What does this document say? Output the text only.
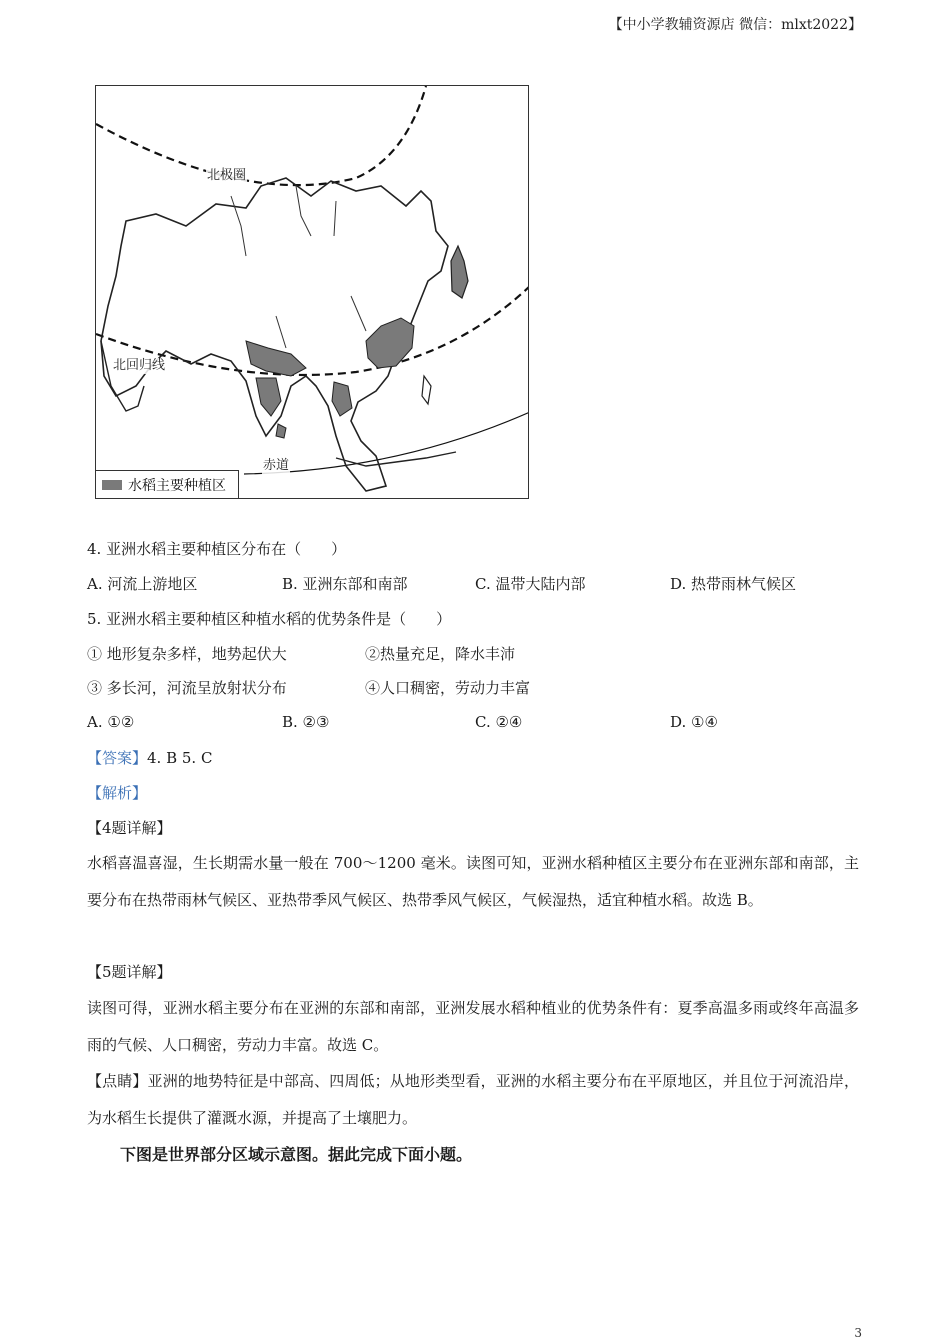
【中小学教辅资源店 微信：mlxt2022】
北极圈
北回归线
赤道
水稻主要种植区
4. 亚洲水稻主要种植区分布在（　　）
A. 河流上游地区	B. 亚洲东部和南部	C. 温带大陆内部	D. 热带雨林气候区
5. 亚洲水稻主要种植区种植水稻的优势条件是（　　）
① 地形复杂多样，地势起伏大	②热量充足，降水丰沛
③ 多长河，河流呈放射状分布	④人口稠密，劳动力丰富
A. ①②	B. ②③	C. ②④	D. ①④
【答案】4. B 5. C
【解析】
【4题详解】
水稻喜温喜湿，生长期需水量一般在 700～1200 毫米。读图可知，亚洲水稻种植区主要分布在亚洲东部和南部，主要分布在热带雨林气候区、亚热带季风气候区、热带季风气候区，气候湿热，适宜种植水稻。故选 B。
【5题详解】
读图可得，亚洲水稻主要分布在亚洲的东部和南部，亚洲发展水稻种植业的优势条件有：夏季高温多雨或终年高温多雨的气候、人口稠密，劳动力丰富。故选 C。
【点睛】亚洲的地势特征是中部高、四周低；从地形类型看，亚洲的水稻主要分布在平原地区，并且位于河流沿岸，为水稻生长提供了灌溉水源，并提高了土壤肥力。
下图是世界部分区域示意图。据此完成下面小题。
3
